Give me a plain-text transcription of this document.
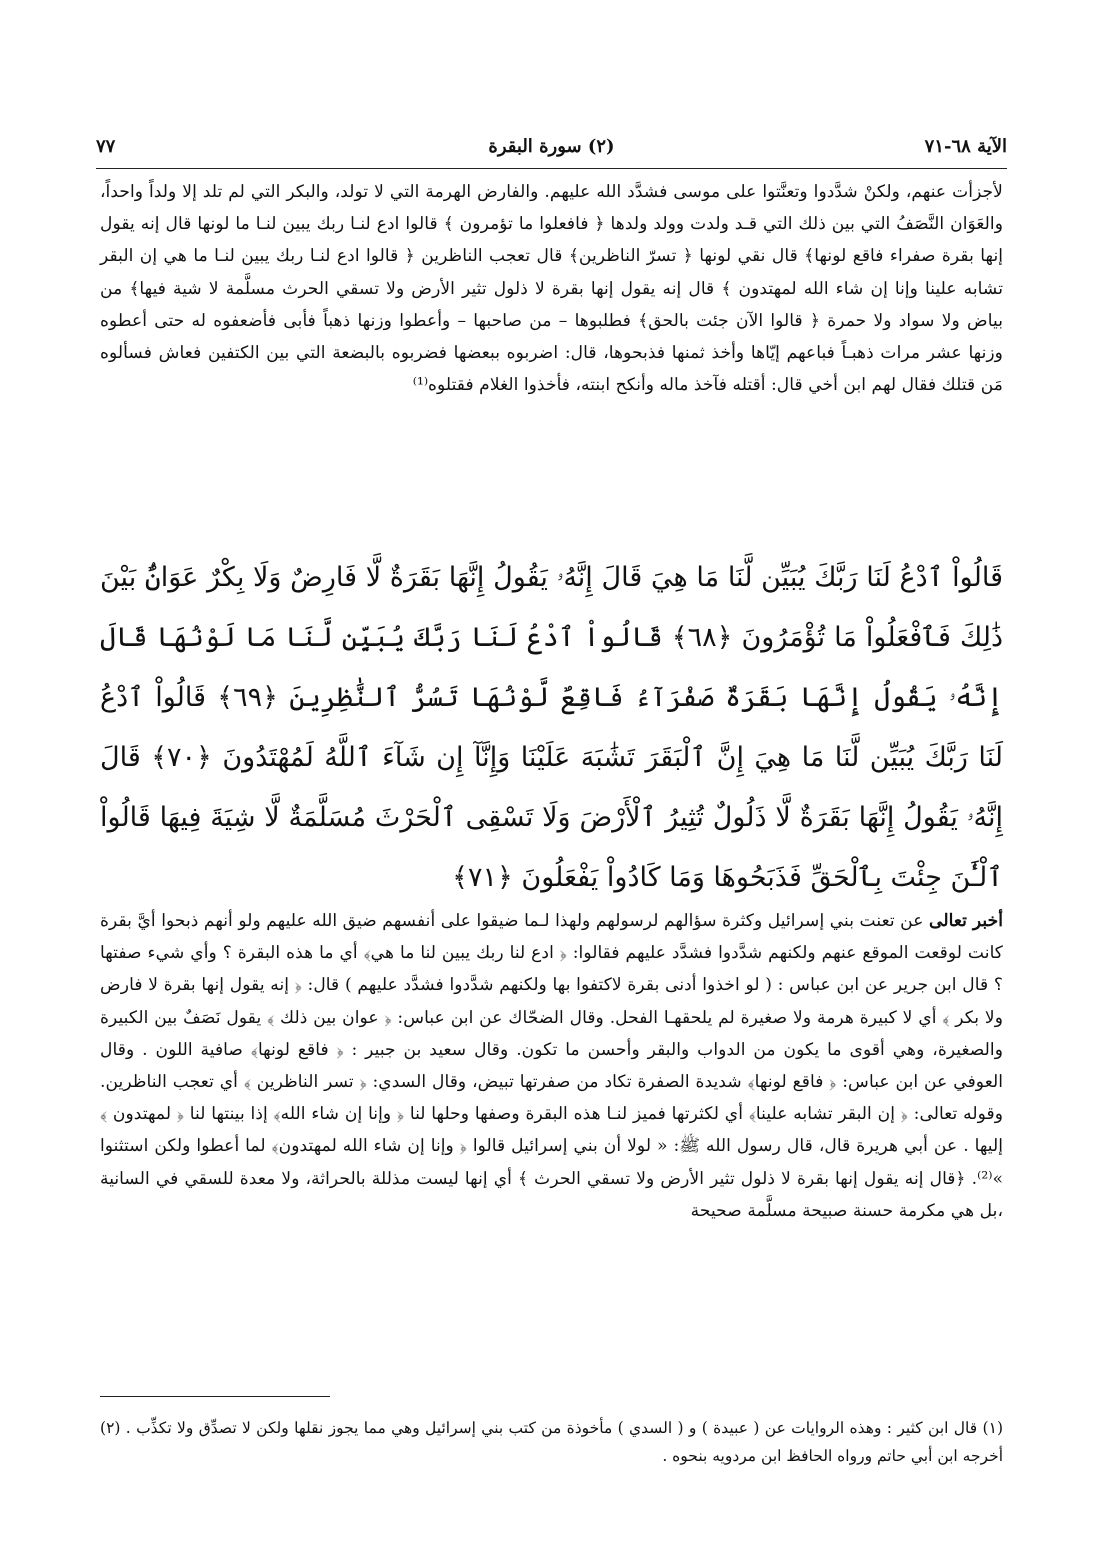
الآية ٦٨-٧١
(٢) سورة البقرة
٧٧

لأجزأت عنهم، ولكنْ شدَّدوا وتعنَّتوا على موسى فشدَّد الله عليهم. والفارض الهرمة التي لا تولد، والبكر التي لم تلد إلا ولداً واحداً، والعَوَان النَّصَفُ التي بين ذلك التي قـد ولدت وولد ولدها ﴿ فافعلوا ما تؤمرون ﴾ قالوا ادع لنـا ربك يبين لنـا ما لونها قال إنه يقول إنها بقرة صفراء فاقع لونها﴾ قال نقي لونها ﴿ تسرّ الناظرين﴾ قال تعجب الناظرين ﴿ قالوا ادع لنـا ربك يبين لنـا ما هي إن البقر تشابه علينا وإنا إن شاء الله لمهتدون ﴾ قال إنه يقول إنها بقرة لا ذلول تثير الأرض ولا تسقي الحرث مسلَّمة لا شية فيها﴾ من بياض ولا سواد ولا حمرة ﴿ قالوا الآن جئت بالحق﴾ فطلبوها – من صاحبها – وأعطوا وزنها ذهباً فأبى فأضعفوه له حتى أعطوه وزنها عشر مرات ذهبـاً فباعهم إيّاها وأخذ ثمنها فذبحوها، قال: اضربوه ببعضها فضربوه بالبضعة التي بين الكتفين فعاش فسألوه مَن قتلك فقال لهم ابن أخي قال: أقتله فآخذ ماله وأنكح ابنته، فأخذوا الغلام فقتلوه⁽¹⁾

قَالُواْ ٱدْعُ لَنَا رَبَّكَ يُبَيِّن لَّنَا مَا هِيَ قَالَ إِنَّهُۥ يَقُولُ إِنَّهَا بَقَرَةٌ لَّا فَارِضٌ وَلَا بِكْرٌ عَوَانٌۢ بَيْنَ ذَٰلِكَ فَٱفْعَلُواْ مَا تُؤْمَرُونَ ﴿٦٨﴾ قَالُواْ ٱدْعُ لَنَا رَبَّكَ يُبَيِّن لَّنَا مَا لَوْنُهَا قَالَ إِنَّهُۥ يَقُولُ إِنَّهَا بَقَرَةٌ صَفْرَآءُ فَاقِعٌ لَّوْنُهَا تَسُرُّ ٱلنَّٰظِرِينَ ﴿٦٩﴾ قَالُواْ ٱدْعُ لَنَا رَبَّكَ يُبَيِّن لَّنَا مَا هِيَ إِنَّ ٱلْبَقَرَ تَشَٰبَهَ عَلَيْنَا وَإِنَّآ إِن شَآءَ ٱللَّهُ لَمُهْتَدُونَ ﴿٧٠﴾ قَالَ إِنَّهُۥ يَقُولُ إِنَّهَا بَقَرَةٌ لَّا ذَلُولٌ تُثِيرُ ٱلْأَرْضَ وَلَا تَسْقِى ٱلْحَرْثَ مُسَلَّمَةٌ لَّا شِيَةَ فِيهَا قَالُواْ ٱلْـَٰٔنَ جِئْتَ بِٱلْحَقِّ فَذَبَحُوهَا وَمَا كَادُواْ يَفْعَلُونَ ﴿٧١﴾

أخبر تعالى عن تعنت بني إسرائيل وكثرة سؤالهم لرسولهم ولهذا لـما ضيقوا على أنفسهم ضيق الله عليهم ولو أنهم ذبحوا أيَّ بقرة كانت لوقعت الموقع عنهم ولكنهم شدَّدوا فشدَّد عليهم فقالوا: ﴿ ادع لنا ربك يبين لنا ما هي﴾ أي ما هذه البقرة ؟ وأي شيء صفتها ؟ قال ابن جرير عن ابن عباس : ( لو اخذوا أدنى بقرة لاكتفوا بها ولكنهم شدَّدوا فشدَّد عليهم ) قال: ﴿ إنه يقول إنها بقرة لا فارض ولا بكر ﴾ أي لا كبيرة هرمة ولا صغيرة لم يلحقهـا الفحل. وقال الضحّاك عن ابن عباس: ﴿ عوان بين ذلك ﴾ يقول نَصَفٌ بين الكبيرة والصغيرة، وهي أقوى ما يكون من الدواب والبقر وأحسن ما تكون. وقال سعيد بن جبير : ﴿ فاقع لونها﴾ صافية اللون . وقال العوفي عن ابن عباس: ﴿ فاقع لونها﴾ شديدة الصفرة تكاد من صفرتها تبيض، وقال السدي: ﴿ تسر الناظرين ﴾ أي تعجب الناظرين. وقوله تعالى: ﴿ إن البقر تشابه علينا﴾ أي لكثرتها فميز لنـا هذه البقرة وصفها وحلها لنا ﴿ وإنا إن شاء الله﴾ إذا بينتها لنا ﴿ لمهتدون ﴾ إليها . عن أبي هريرة قال، قال رسول الله ﷺ: « لولا أن بني إسرائيل قالوا ﴿ وإنا إن شاء الله لمهتدون﴾ لما أعطوا ولكن استثنوا »⁽²⁾. ﴿قال إنه يقول إنها بقرة لا ذلول تثير الأرض ولا تسقي الحرث ﴾ أي إنها ليست مذللة بالحراثة، ولا معدة للسقي في السانية ،بل هي مكرمة حسنة صبيحة مسلَّمة صحيحة

(١) قال ابن كثير : وهذه الروايات عن ( عبيدة ) و ( السدي ) مأخوذة من كتب بني إسرائيل وهي مما يجوز نقلها ولكن لا تصدِّق ولا تكذِّب . (٢) أخرجه ابن أبي حاتم ورواه الحافظ ابن مردويه بنحوه .
